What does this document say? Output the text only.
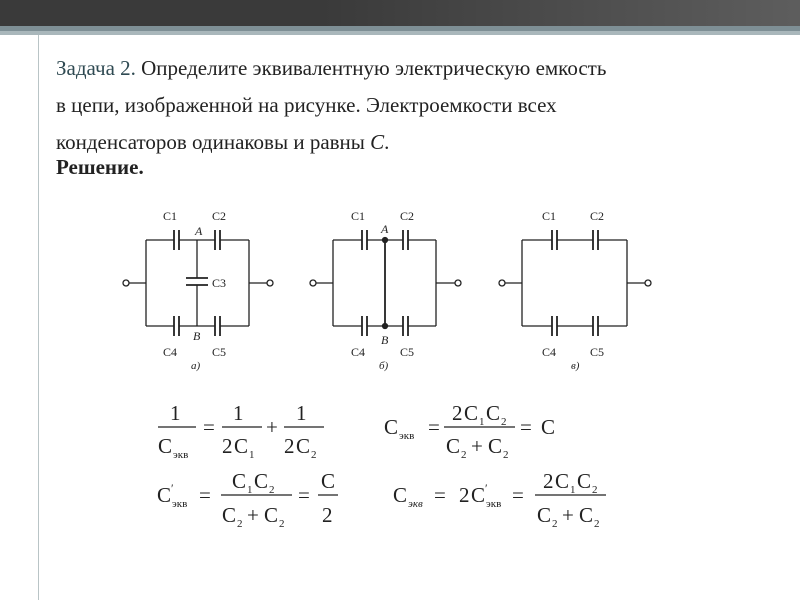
Задача 2. Определите эквивалентную электрическую емкость
в цепи, изображенной на рисунке. Электроемкости всех
конденсаторов одинаковы и равны C.
Решение.
C1	C2
A
C3
B
C4	C5
а)
C1	C2
A
B
C4	C5
б)
C1	C2
C4	C5
в)
1
C экв
=
1
2 C 1
+
1
2 C 2
C экв =
2 C 1 C 2
C 2 + C 2
= C
C ′
экв =
C 1 C 2
C 2 + C 2
=
C
2
C экв = 2 C ′
экв =
2 C 1 C 2
C 2 + C 2
